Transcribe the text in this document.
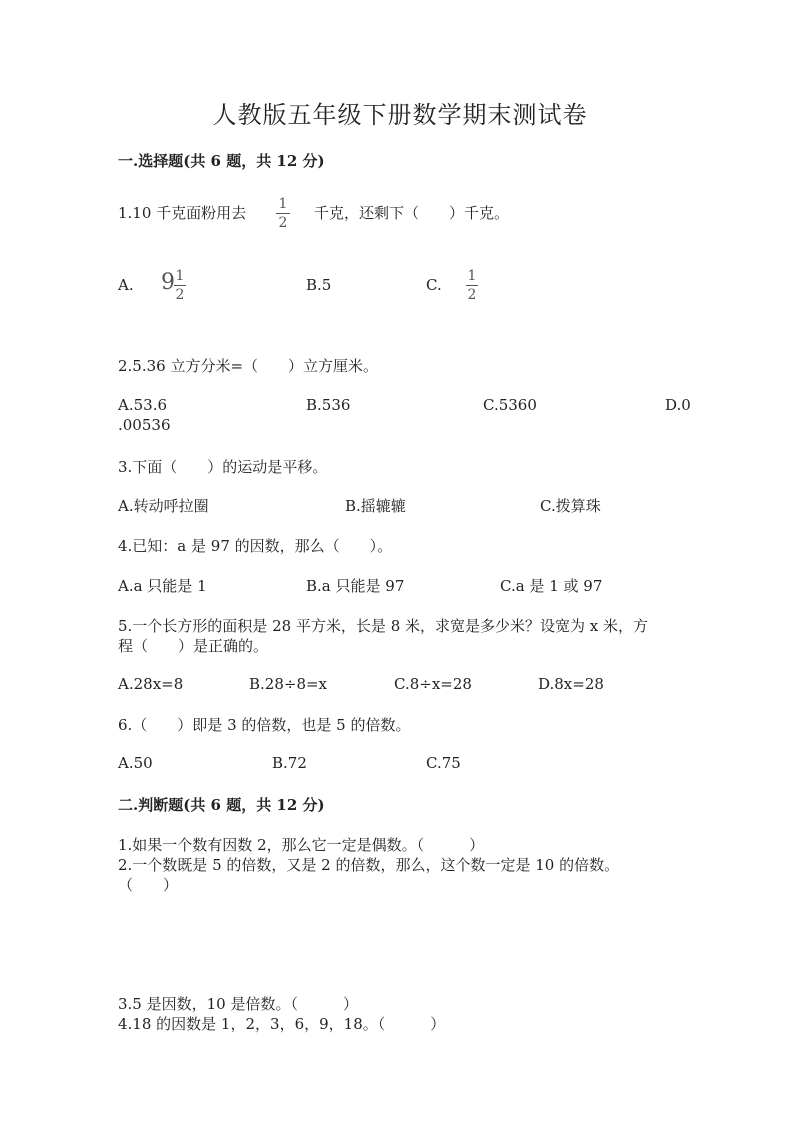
人教版五年级下册数学期末测试卷
一.选择题(共 6 题，共 12 分)
1.10 千克面粉用去 1
2
千克，还剩下（　　）千克。
A. 9 1
2
B.5	C. 1
2
2.5.36 立方分米=（　　）立方厘米。
A.53.6	B.536	C.5360	D.0
.00536
3.下面（　　）的运动是平移。
A.转动呼拉圈	B.摇辘辘	C.拨算珠
4.已知：a 是 97 的因数，那么（　　）。
A.a 只能是 1	B.a 只能是 97	C.a 是 1 或 97
5.一个长方形的面积是 28 平方米，长是 8 米，求宽是多少米？设宽为 x 米，方
程（　　）是正确的。
A.28x=8	B.28÷8=x	C.8÷x=28	D.8x=28
6.（　　）即是 3 的倍数，也是 5 的倍数。
A.50	B.72	C.75
二.判断题(共 6 题，共 12 分)
1.如果一个数有因数 2，那么它一定是偶数。（　　　）
2.一个数既是 5 的倍数，又是 2 的倍数，那么，这个数一定是 10 的倍数。
（　　）
3.5 是因数，10 是倍数。（　　　）
4.18 的因数是 1，2，3，6，9，18。（　　　）
